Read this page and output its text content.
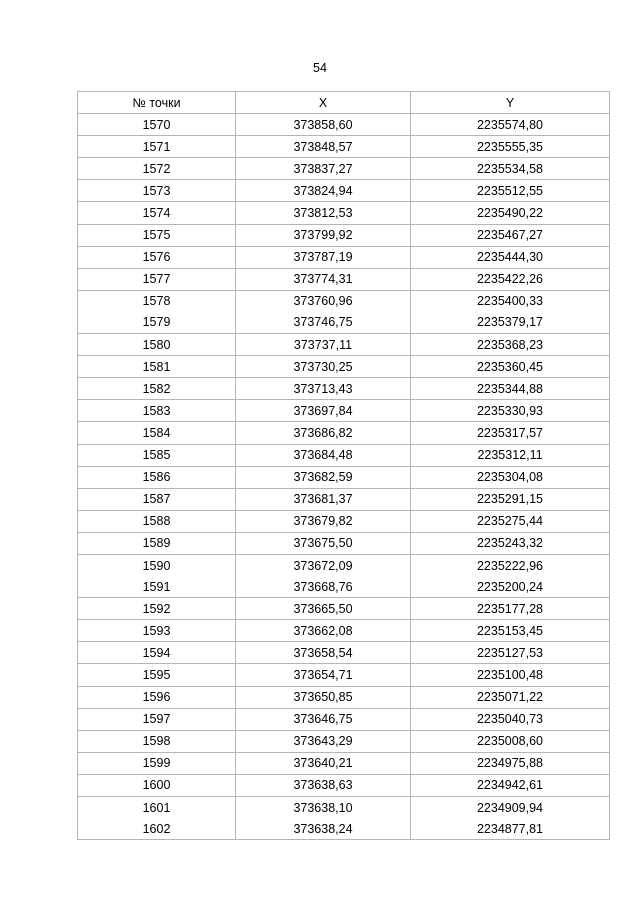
54
№ точки	X	Y
1570	373858,60	2235574,80
1571	373848,57	2235555,35
1572	373837,27	2235534,58
1573	373824,94	2235512,55
1574	373812,53	2235490,22
1575	373799,92	2235467,27
1576	373787,19	2235444,30
1577	373774,31	2235422,26
1578	373760,96	2235400,33
1579	373746,75	2235379,17
1580	373737,11	2235368,23
1581	373730,25	2235360,45
1582	373713,43	2235344,88
1583	373697,84	2235330,93
1584	373686,82	2235317,57
1585	373684,48	2235312,11
1586	373682,59	2235304,08
1587	373681,37	2235291,15
1588	373679,82	2235275,44
1589	373675,50	2235243,32
1590	373672,09	2235222,96
1591	373668,76	2235200,24
1592	373665,50	2235177,28
1593	373662,08	2235153,45
1594	373658,54	2235127,53
1595	373654,71	2235100,48
1596	373650,85	2235071,22
1597	373646,75	2235040,73
1598	373643,29	2235008,60
1599	373640,21	2234975,88
1600	373638,63	2234942,61
1601	373638,10	2234909,94
1602	373638,24	2234877,81
